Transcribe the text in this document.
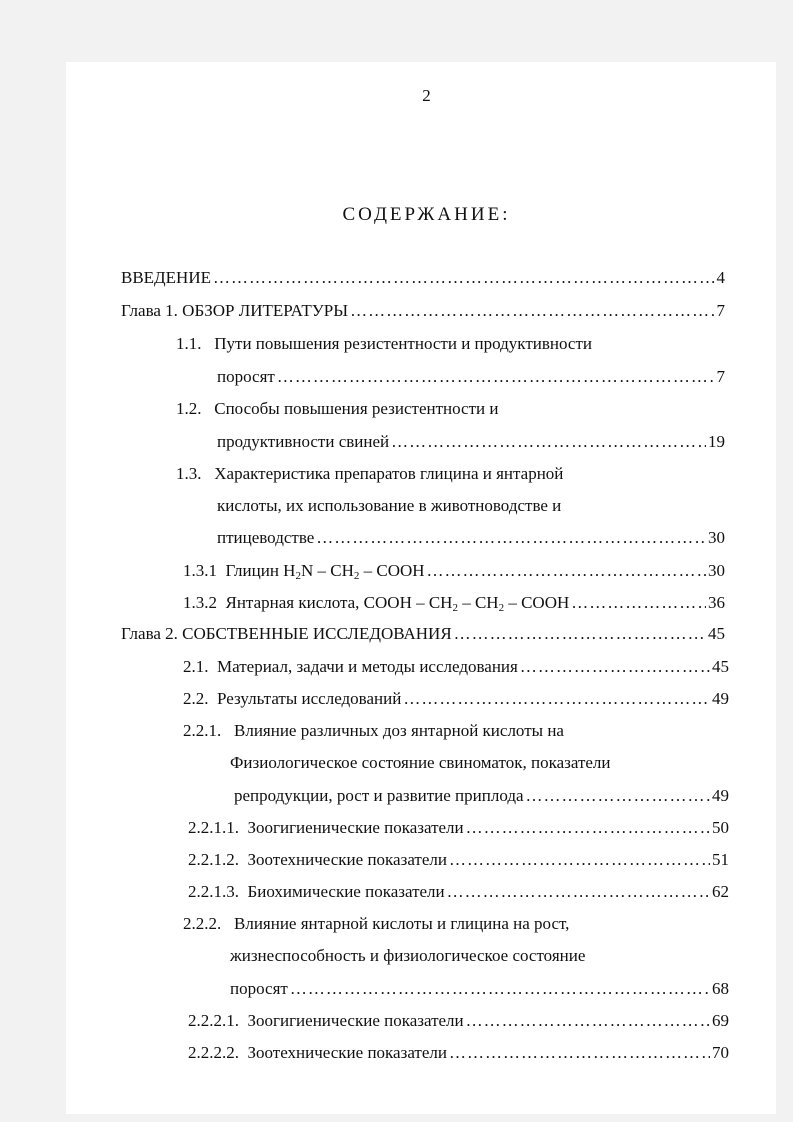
2
СОДЕРЖАНИЕ:
ВВЕДЕНИЕ …………………………………………………………………………………………………………………………………………………………………	4
Глава 1. ОБЗОР ЛИТЕРАТУРЫ …………………………………………………………………………………………………………………………………………………………………	7
1.1. Пути повышения резистентности и продуктивности
поросят …………………………………………………………………………………………………………………………………………………………………	7
1.2. Способы повышения резистентности и
продуктивности свиней …………………………………………………………………………………………………………………………………………………………………	19
1.3. Характеристика препаратов глицина и янтарной
кислоты, их использование в животноводстве и
птицеводстве …………………………………………………………………………………………………………………………………………………………………	30
1.3.1
Глицин $H_2N - CH_2$ – COOH …………………………………………………………………………………………………………………………………………………………………	30
1.3.2
Янтарная кислота, COOH – $CH_2 - CH_2$ – COOH …………………………………………………………………………………………………………………………………………………………………	36
Глава 2. СОБСТВЕННЫЕ ИССЛЕДОВАНИЯ …………………………………………………………………………………………………………………………………………………………………	45
2.1.
Материал, задачи и методы исследования …………………………………………………………………………………………………………………………………………………………………	45
2.2.
Результаты исследований …………………………………………………………………………………………………………………………………………………………………	49
2.2.1. Влияние различных доз янтарной кислоты на
Физиологическое состояние свиноматок, показатели
репродукции, рост и развитие приплода …………………………………………………………………………………………………………………………………………………………………	49
2.2.1.1.
Зоогигиенические показатели …………………………………………………………………………………………………………………………………………………………………	50
2.2.1.2.
Зоотехнические показатели …………………………………………………………………………………………………………………………………………………………………	51
2.2.1.3.
Биохимические показатели …………………………………………………………………………………………………………………………………………………………………	62
2.2.2. Влияние янтарной кислоты и глицина на рост,
жизнеспособность и физиологическое состояние
поросят …………………………………………………………………………………………………………………………………………………………………	68
2.2.2.1.
Зоогигиенические показатели …………………………………………………………………………………………………………………………………………………………………	69
2.2.2.2.
Зоотехнические показатели …………………………………………………………………………………………………………………………………………………………………	70
